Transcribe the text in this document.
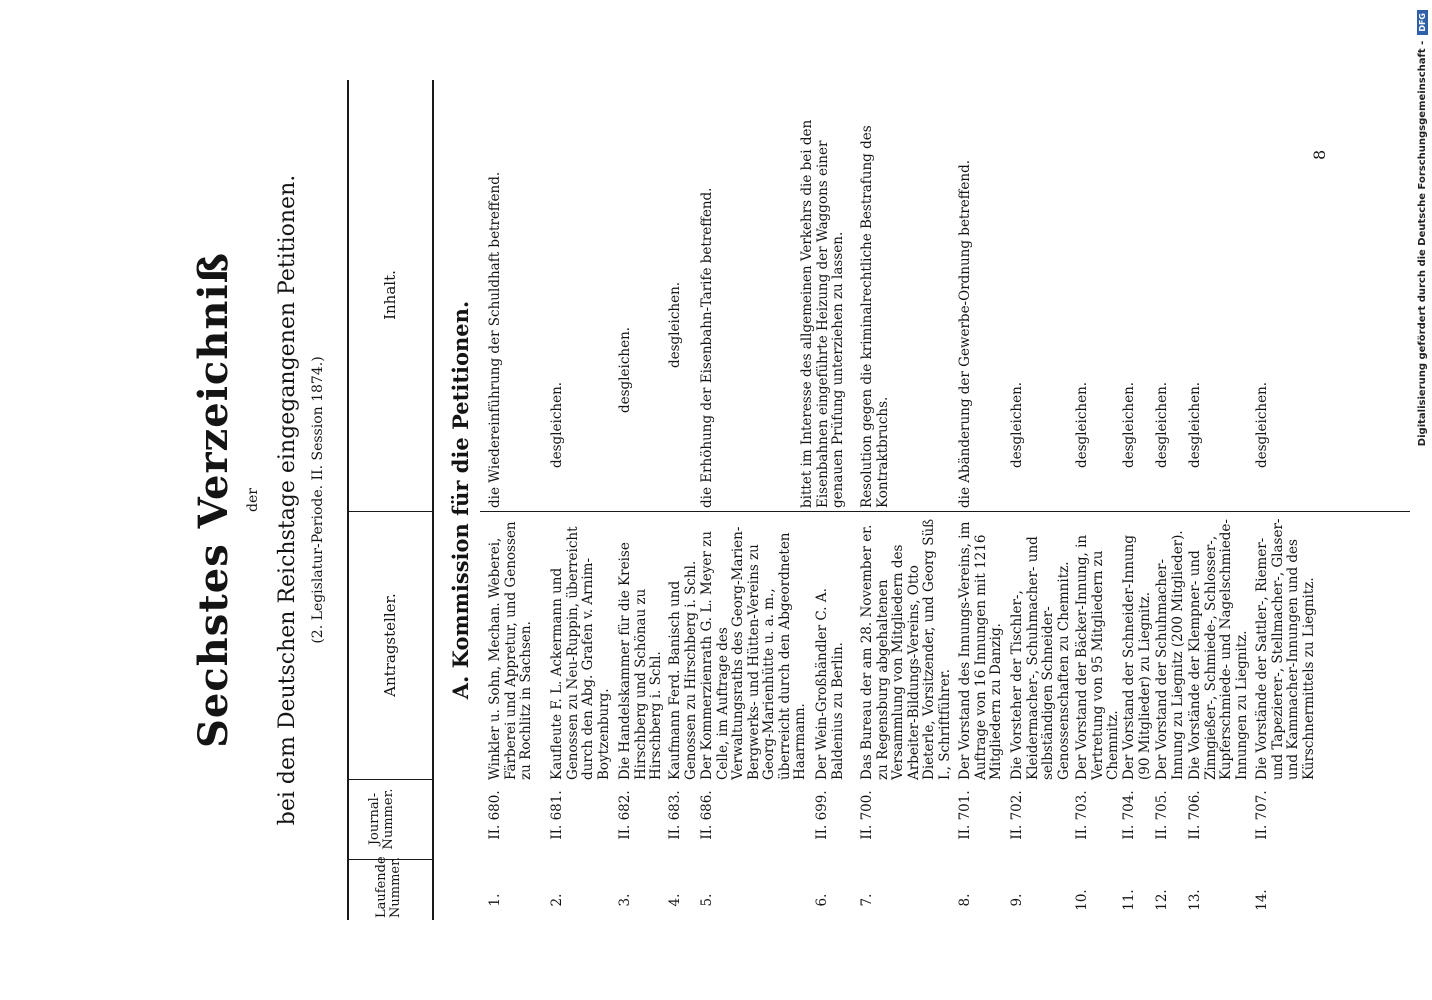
Sechstes Verzeichniß der bei dem Deutschen Reichstage eingegangenen Petitionen. (2. Legislatur-Periode. II. Session 1874.)
Laufende Nummer.
Journal- Nummer.
Antragsteller.
Inhalt.
A. Kommission für die Petitionen.
1.
II. 680.
Winkler u. Sohn, Mechan. Weberei, Färberei und Appretur, und Genossen zu Rochlitz in Sachsen.
die Wiedereinführung der Schuldhaft betreffend.
2.
II. 681.
Kaufleute F. L. Ackermann und Genossen zu Neu-Ruppin, überreicht durch den Abg. Grafen v. Arnim-Boytzenburg.
desgleichen.
3.
II. 682.
Die Handelskammer für die Kreise Hirschberg und Schönau zu Hirschberg i. Schl.
desgleichen.
4.
II. 683.
Kaufmann Ferd. Banisch und Genossen zu Hirschberg i. Schl.
desgleichen.
5.
II. 686.
Der Kommerzienrath G. L. Meyer zu Celle, im Auftrage des Verwaltungsraths des Georg-Marien-Bergwerks- und Hütten-Vereins zu Georg-Marienhütte u. a. m., überreicht durch den Abgeordneten Haarmann.
die Erhöhung der Eisenbahn-Tarife betreffend.
6.
II. 699.
Der Wein-Großhändler C. A. Baldenius zu Berlin.
bittet im Interesse des allgemeinen Verkehrs die bei den Eisenbahnen eingeführte Heizung der Waggons einer genauen Prüfung unterziehen zu lassen.
7.
II. 700.
Das Bureau der am 28. November er. zu Regensburg abgehaltenen Versammlung von Mitgliedern des Arbeiter-Bildungs-Vereins, Otto Dieterle, Vorsitzender, und Georg Süß I., Schriftführer.
Resolution gegen die kriminalrechtliche Bestrafung des Kontraktbruchs.
8.
II. 701.
Der Vorstand des Innungs-Vereins, im Auftrage von 16 Innungen mit 1216 Mitgliedern zu Danzig.
die Abänderung der Gewerbe-Ordnung betreffend.
9.
II. 702.
Die Vorsteher der Tischler-, Kleidermacher-, Schuhmacher- und selbständigen Schneider-Genossenschaften zu Chemnitz.
desgleichen.
10.
II. 703.
Der Vorstand der Bäcker-Innung, in Vertretung von 95 Mitgliedern zu Chemnitz.
desgleichen.
11.
II. 704.
Der Vorstand der Schneider-Innung (90 Mitglieder) zu Liegnitz.
desgleichen.
12.
II. 705.
Der Vorstand der Schuhmacher-Innung zu Liegnitz (200 Mitglieder).
desgleichen.
13.
II. 706.
Die Vorstände der Klempner- und Zinngießer-, Schmiede-, Schlosser-, Kupferschmiede- und Nagelschmiede-Innungen zu Liegnitz.
desgleichen.
14.
II. 707.
Die Vorstände der Sattler-, Riemer- und Tapezierer-, Stellmacher-, Glaser- und Kammacher-Innungen und des Kürschnermittels zu Liegnitz.
desgleichen.
8	Digitalisierung gefördert durch die Deutsche Forschungsgemeinschaft -
DFG
